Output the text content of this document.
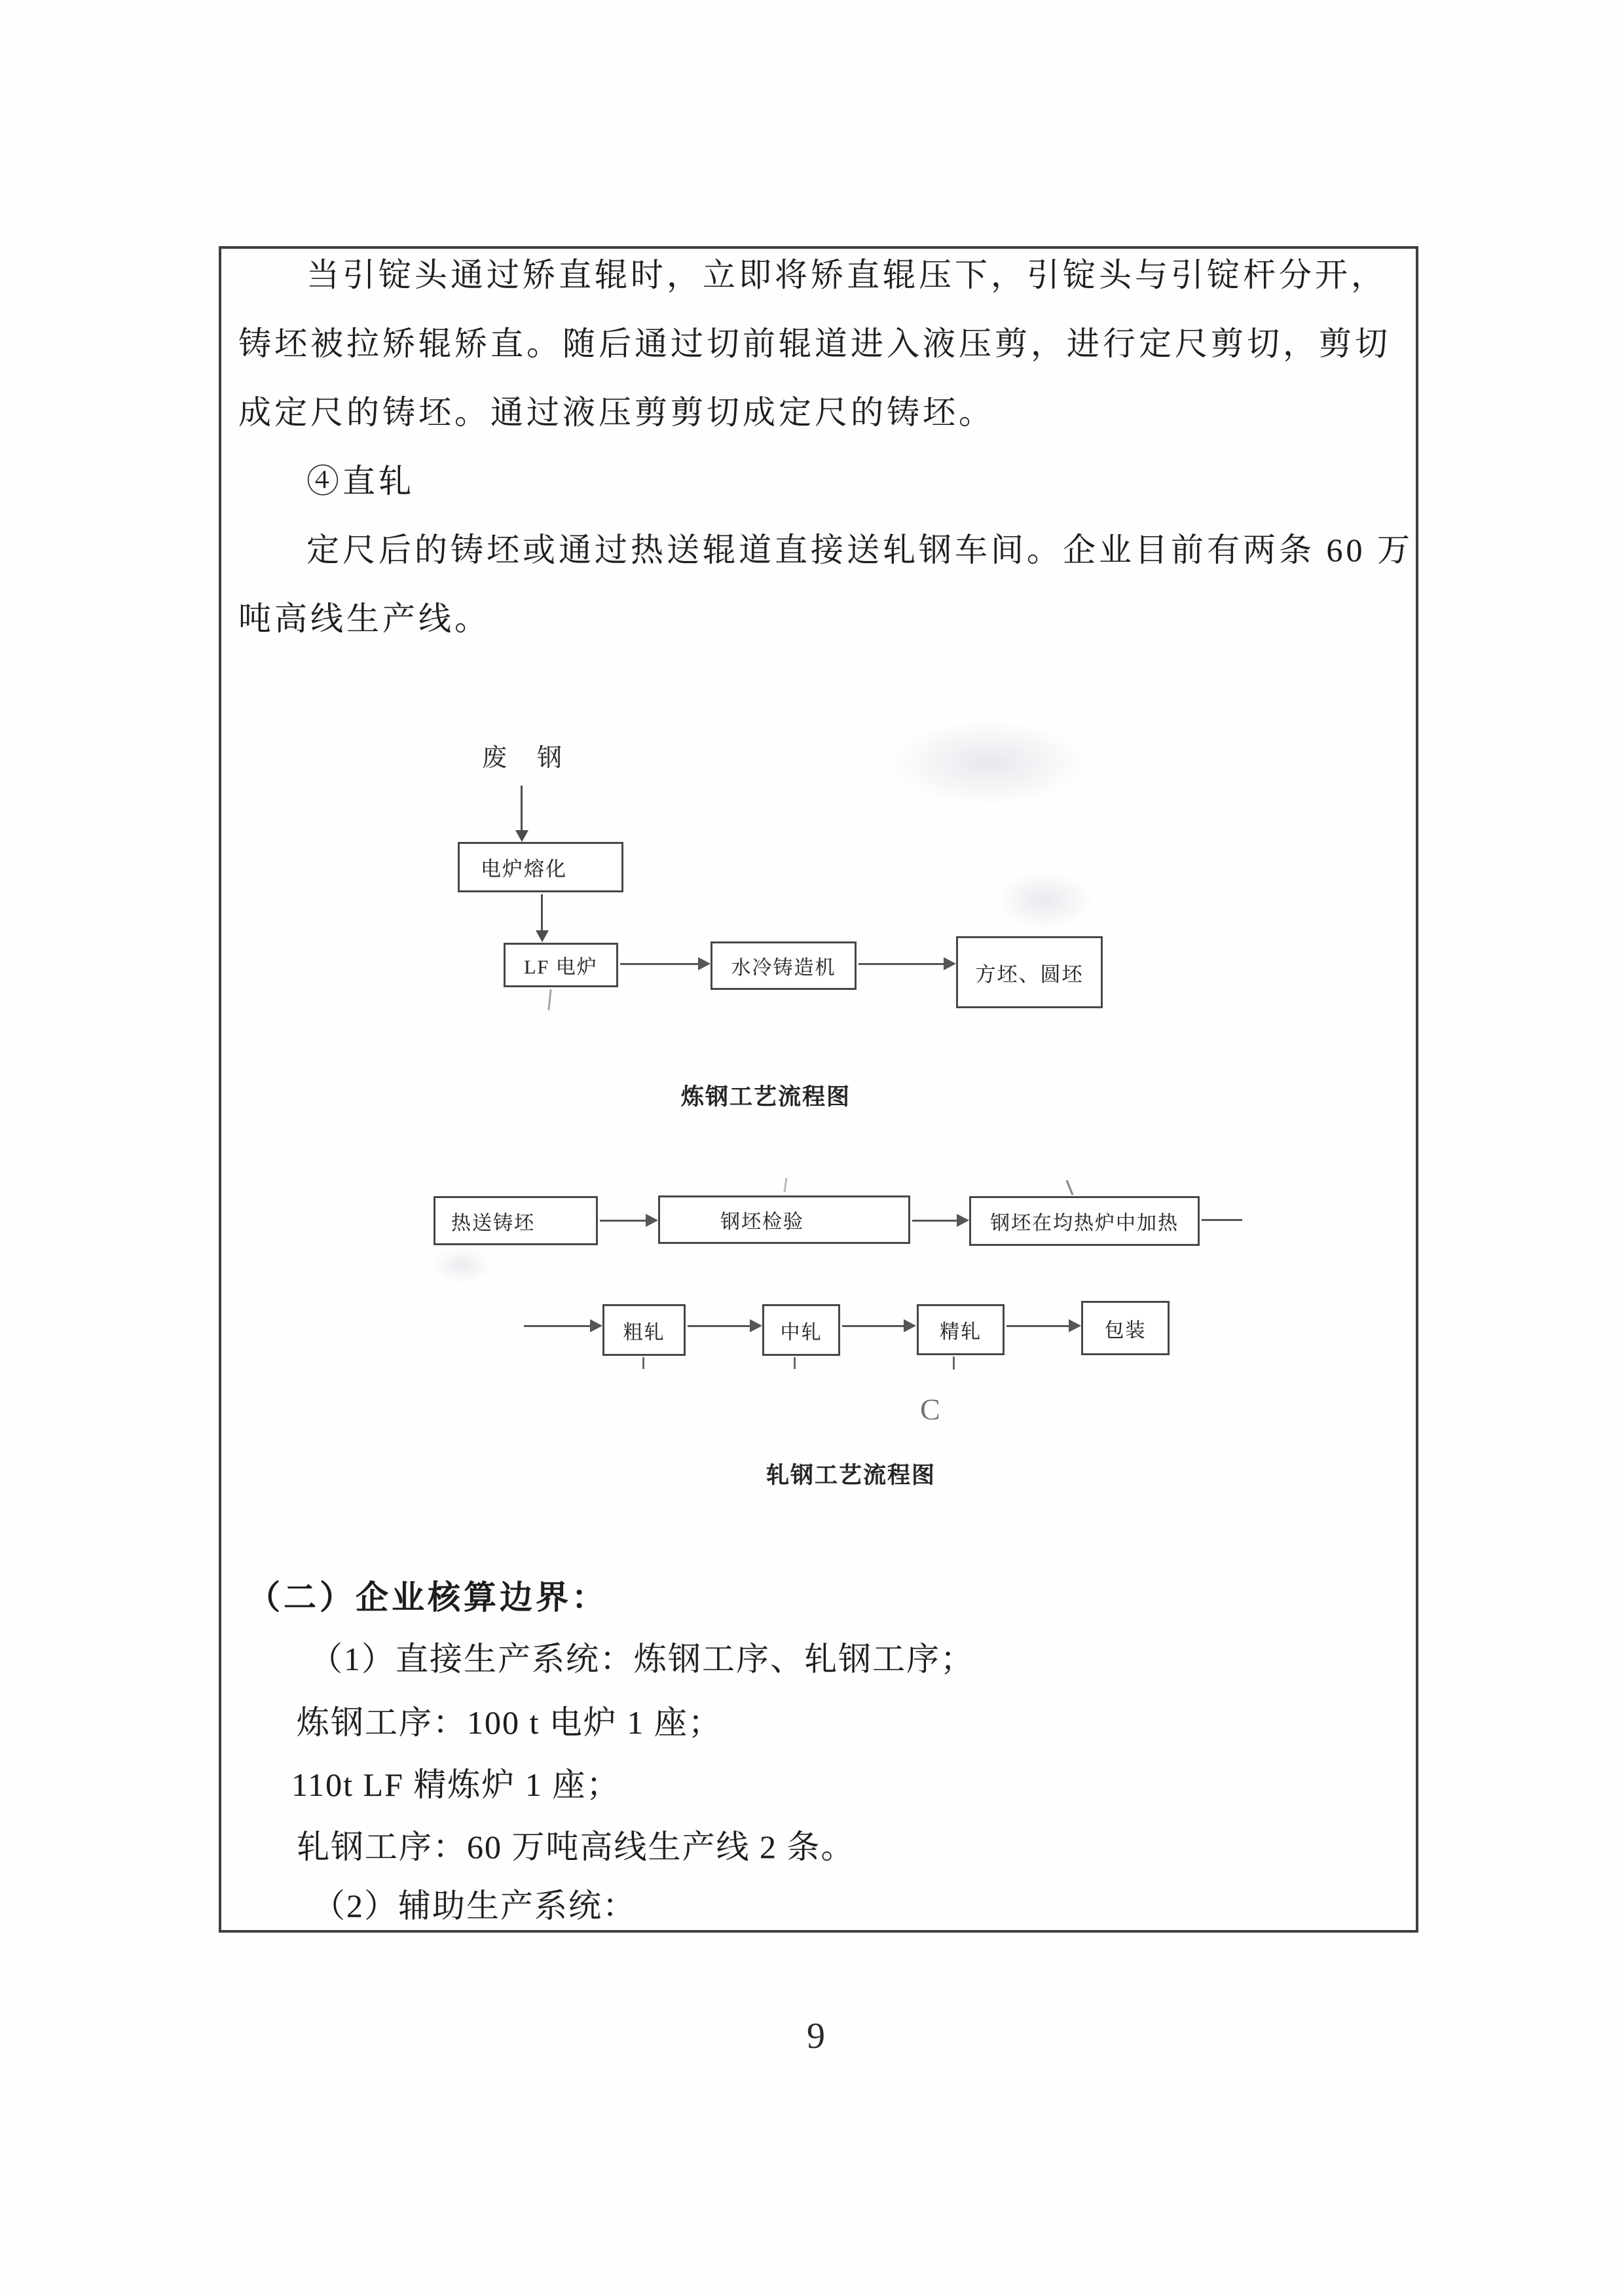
当引锭头通过矫直辊时，立即将矫直辊压下，引锭头与引锭杆分开，
铸坯被拉矫辊矫直。随后通过切前辊道进入液压剪，进行定尺剪切，剪切
成定尺的铸坯。通过液压剪剪切成定尺的铸坯。
④直轧
定尺后的铸坯或通过热送辊道直接送轧钢车间。企业目前有两条 60 万
吨高线生产线。
废　钢
电炉熔化
LF 电炉	水冷铸造机	方坯、圆坯
炼钢工艺流程图
热送铸坯	钢坯检验	钢坯在均热炉中加热
粗轧	中轧	精轧	包装
C
轧钢工艺流程图
（二）企业核算边界：
（1）直接生产系统：炼钢工序、轧钢工序；
炼钢工序：100 t 电炉 1 座；
110t LF 精炼炉 1 座；
轧钢工序：60 万吨高线生产线 2 条。
（2）辅助生产系统：
9
